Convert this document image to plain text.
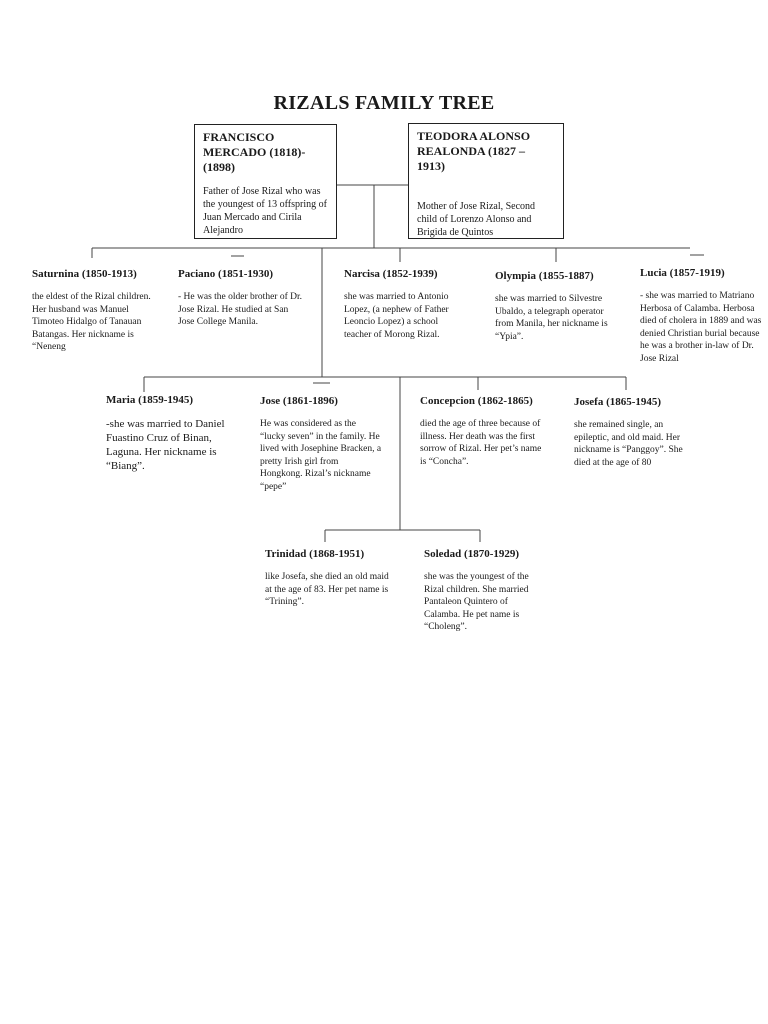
RIZALS FAMILY TREE
FRANCISCO MERCADO (1818)-(1898)
Father of Jose Rizal who was the youngest of 13 offspring of Juan Mercado and Cirila Alejandro
TEODORA ALONSO REALONDA (1827 – 1913)
Mother of Jose Rizal, Second child of Lorenzo Alonso and Brigida de Quintos
Saturnina (1850-1913)
the eldest of the Rizal children. Her husband was Manuel Timoteo Hidalgo of Tanauan Batangas. Her nickname is “Neneng
Paciano (1851-1930)
- He was the older brother of Dr. Jose Rizal. He studied at San Jose College Manila.
Narcisa (1852-1939)
she was married to Antonio Lopez, (a nephew of Father Leoncio Lopez) a school teacher of Morong Rizal.
Olympia (1855-1887)
she was married to Silvestre Ubaldo, a telegraph operator from Manila, her nickname is “Ypia”.
Lucia (1857-1919)
- she was married to Matriano Herbosa of Calamba. Herbosa died of cholera in 1889 and was denied Christian burial because he was a brother in-law of Dr. Jose Rizal
Maria (1859-1945)
-she was married to Daniel Fuastino Cruz of Binan, Laguna. Her nickname is “Biang”.
Jose (1861-1896)
He was considered as the “lucky seven” in the family. He lived with Josephine Bracken, a pretty Irish girl from Hongkong. Rizal’s nickname “pepe”
Concepcion (1862-1865)
died the age of three because of illness. Her death was the first sorrow of Rizal. Her pet’s name is “Concha”.
Josefa (1865-1945)
she remained single, an epileptic, and old maid. Her nickname is “Panggoy”. She died at the age of 80
Trinidad (1868-1951)
like Josefa, she died an old maid at the age of 83. Her pet name is “Trining”.
Soledad (1870-1929)
she was the youngest of the Rizal children. She married Pantaleon Quintero of Calamba. He pet name is “Choleng”.
